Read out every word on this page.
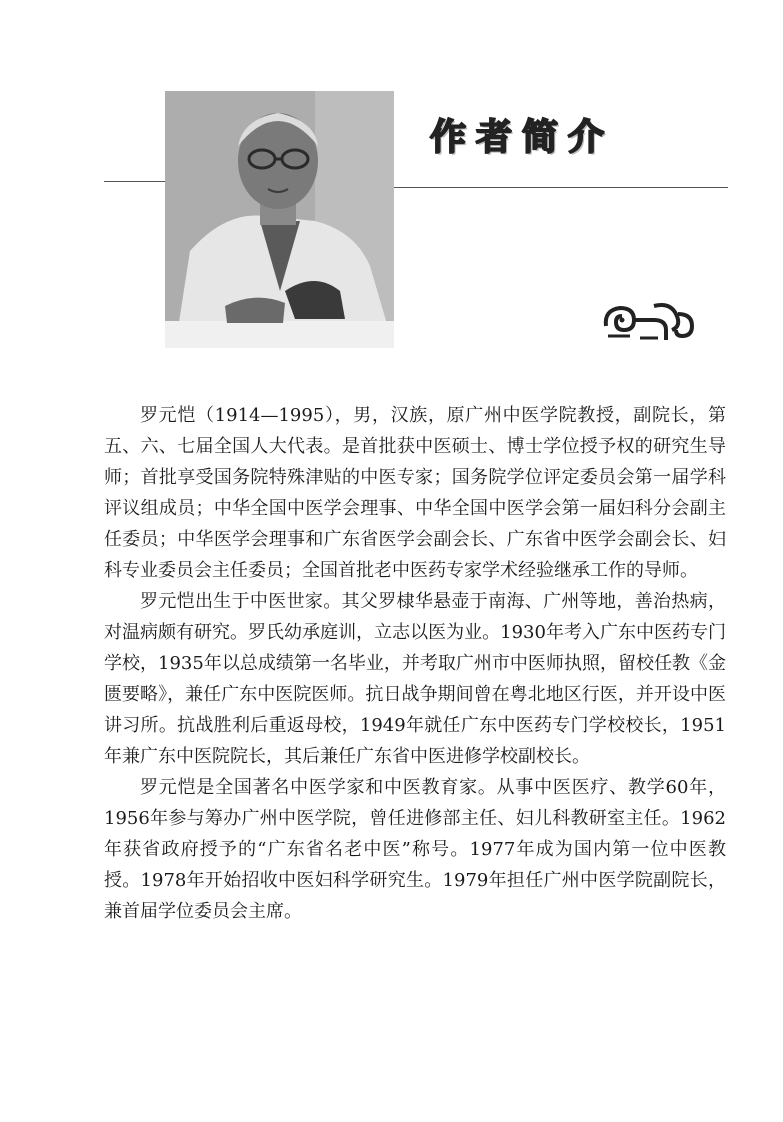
作者简介

罗元恺（1914—1995），男，汉族，原广州中医学院教授，副院长，第五、六、七届全国人大代表。是首批获中医硕士、博士学位授予权的研究生导师；首批享受国务院特殊津贴的中医专家；国务院学位评定委员会第一届学科评议组成员；中华全国中医学会理事、中华全国中医学会第一届妇科分会副主任委员；中华医学会理事和广东省医学会副会长、广东省中医学会副会长、妇科专业委员会主任委员；全国首批老中医药专家学术经验继承工作的导师。

罗元恺出生于中医世家。其父罗棣华悬壶于南海、广州等地，善治热病，对温病颇有研究。罗氏幼承庭训，立志以医为业。1930年考入广东中医药专门学校，1935年以总成绩第一名毕业，并考取广州市中医师执照，留校任教《金匮要略》，兼任广东中医院医师。抗日战争期间曾在粤北地区行医，并开设中医讲习所。抗战胜利后重返母校，1949年就任广东中医药专门学校校长，1951年兼广东中医院院长，其后兼任广东省中医进修学校副校长。

罗元恺是全国著名中医学家和中医教育家。从事中医医疗、教学60年，1956年参与筹办广州中医学院，曾任进修部主任、妇儿科教研室主任。1962年获省政府授予的“广东省名老中医”称号。1977年成为国内第一位中医教授。1978年开始招收中医妇科学研究生。1979年担任广州中医学院副院长，兼首届学位委员会主席。
